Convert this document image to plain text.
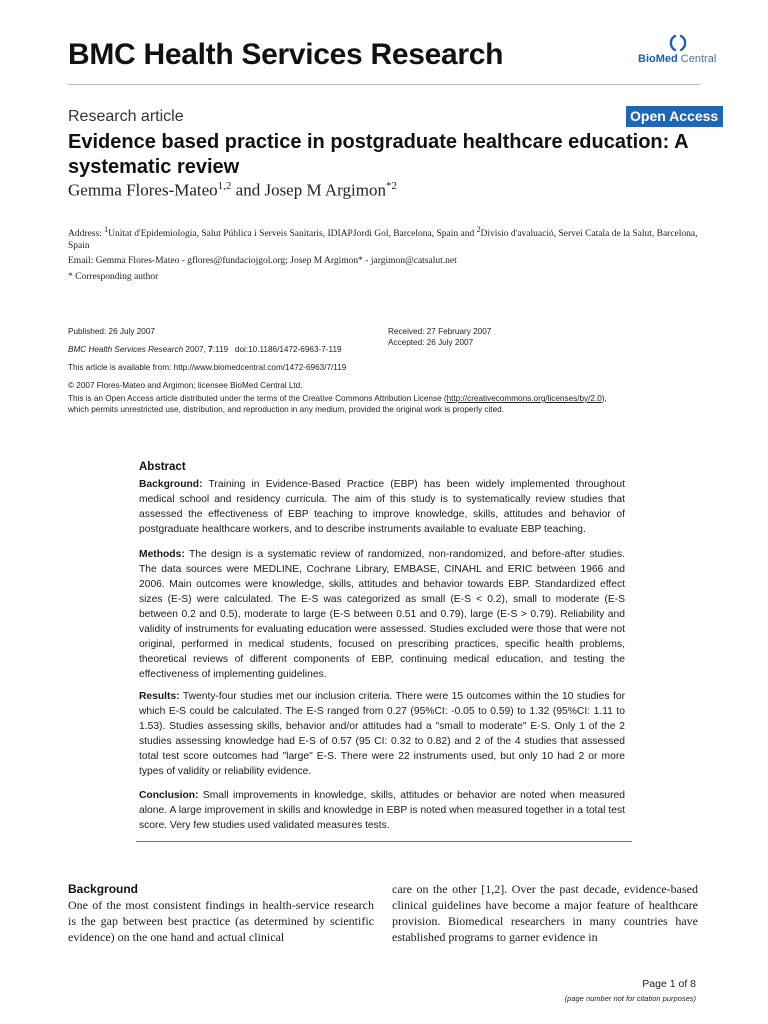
BMC Health Services Research	BioMed Central
Research article	Open Access
Evidence based practice in postgraduate healthcare education: A systematic review
Gemma Flores-Mateo$^{1,2}$ and Josep M Argimon$^{*2}$
Address: $^1$Unitat d'Epidemiologia, Salut Pública i Serveis Sanitaris, IDIAPJordi Gol, Barcelona, Spain and $^2$Divisio d'avaluació, Servei Catala de la Salut, Barcelona, Spain
Email: Gemma Flores-Mateo - gflores@fundaciojgol.org; Josep M Argimon* - jargimon@catsalut.net
* Corresponding author
Published: 26 July 2007
BMC Health Services Research 2007, 7:119 doi:10.1186/1472-6963-7-119
Received: 27 February 2007
Accepted: 26 July 2007
This article is available from: http://www.biomedcentral.com/1472-6963/7/119
© 2007 Flores-Mateo and Argimon; licensee BioMed Central Ltd.
This is an Open Access article distributed under the terms of the Creative Commons Attribution License (http://creativecommons.org/licenses/by/2.0),
which permits unrestricted use, distribution, and reproduction in any medium, provided the original work is properly cited.
Abstract
Background: Training in Evidence-Based Practice (EBP) has been widely implemented throughout medical school and residency curricula. The aim of this study is to systematically review studies that assessed the effectiveness of EBP teaching to improve knowledge, skills, attitudes and behavior of postgraduate healthcare workers, and to describe instruments available to evaluate EBP teaching.
Methods: The design is a systematic review of randomized, non-randomized, and before-after studies. The data sources were MEDLINE, Cochrane Library, EMBASE, CINAHL and ERIC between 1966 and 2006. Main outcomes were knowledge, skills, attitudes and behavior towards EBP. Standardized effect sizes (E-S) were calculated. The E-S was categorized as small (E-S < 0.2), small to moderate (E-S between 0.2 and 0.5), moderate to large (E-S between 0.51 and 0.79), large (E-S > 0.79). Reliability and validity of instruments for evaluating education were assessed. Studies excluded were those that were not original, performed in medical students, focused on prescribing practices, specific health problems, theoretical reviews of different components of EBP, continuing medical education, and testing the effectiveness of implementing guidelines.
Results: Twenty-four studies met our inclusion criteria. There were 15 outcomes within the 10 studies for which E-S could be calculated. The E-S ranged from 0.27 (95%CI: -0.05 to 0.59) to 1.32 (95%CI: 1.11 to 1.53). Studies assessing skills, behavior and/or attitudes had a "small to moderate" E-S. Only 1 of the 2 studies assessing knowledge had E-S of 0.57 (95 CI: 0.32 to 0.82) and 2 of the 4 studies that assessed total test score outcomes had "large" E-S. There were 22 instruments used, but only 10 had 2 or more types of validity or reliability evidence.
Conclusion: Small improvements in knowledge, skills, attitudes or behavior are noted when measured alone. A large improvement in skills and knowledge in EBP is noted when measured together in a total test score. Very few studies used validated measures tests.
Background
One of the most consistent findings in health-service research is the gap between best practice (as determined by scientific evidence) on the one hand and actual clinical
care on the other [1,2]. Over the past decade, evidence-based clinical guidelines have become a major feature of healthcare provision. Biomedical researchers in many countries have established programs to garner evidence in
Page 1 of 8
(page number not for citation purposes)
